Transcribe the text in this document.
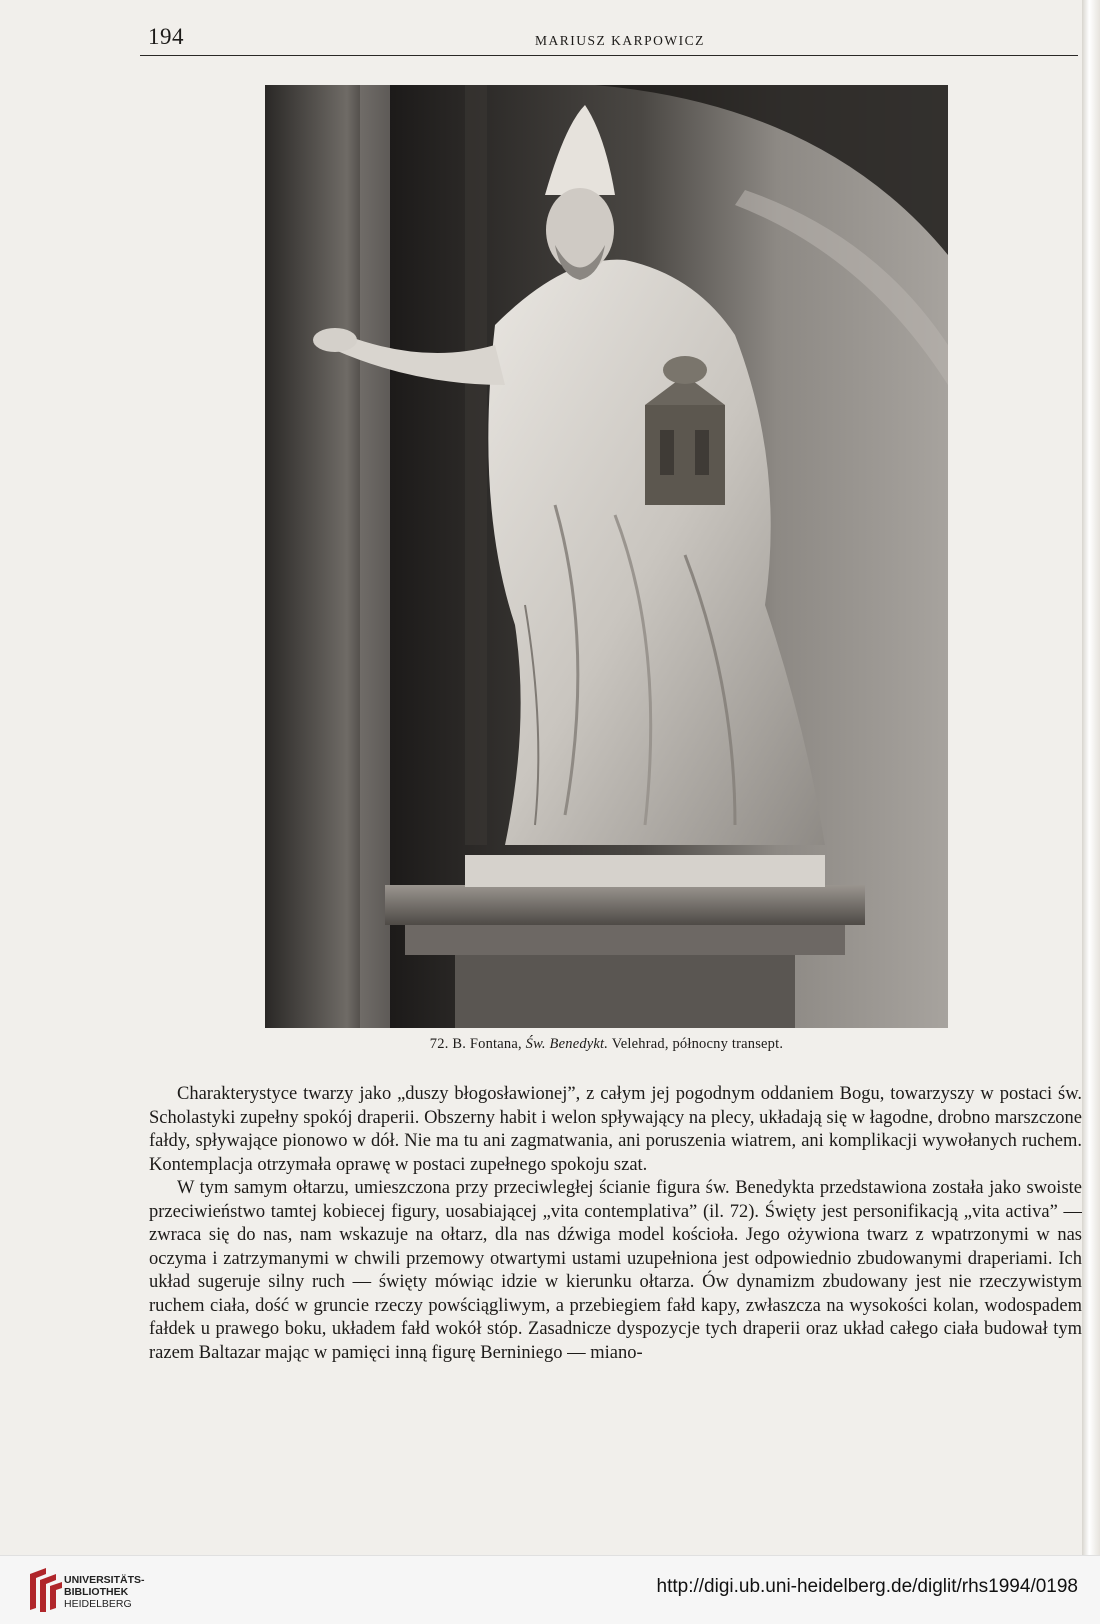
194	MARIUSZ KARPOWICZ
72. B. Fontana, Św. Benedykt. Velehrad, północny transept.

Charakterystyce twarzy jako „duszy błogosławionej”, z całym jej pogodnym oddaniem Bogu, towarzyszy w postaci św. Scholastyki zupełny spokój draperii. Obszerny habit i welon spływający na plecy, układają się w łagodne, drobno marszczone fałdy, spływające pionowo w dół. Nie ma tu ani zagmatwania, ani poruszenia wiatrem, ani komplikacji wywołanych ruchem. Kontemplacja otrzymała oprawę w postaci zupełnego spokoju szat.

W tym samym ołtarzu, umieszczona przy przeciwległej ścianie figura św. Benedykta przedstawiona została jako swoiste przeciwieństwo tamtej kobiecej figury, uosabiającej „vita contemplativa” (il. 72). Święty jest personifikacją „vita activa” — zwraca się do nas, nam wskazuje na ołtarz, dla nas dźwiga model kościoła. Jego ożywiona twarz z wpatrzonymi w nas oczyma i zatrzymanymi w chwili przemowy otwartymi ustami uzupełniona jest odpowiednio zbudowanymi draperiami. Ich układ sugeruje silny ruch — święty mówiąc idzie w kierunku ołtarza. Ów dynamizm zbudowany jest nie rzeczywistym ruchem ciała, dość w gruncie rzeczy powściągliwym, a przebiegiem fałd kapy, zwłaszcza na wysokości kolan, wodospadem fałdek u prawego boku, układem fałd wokół stóp. Zasadnicze dyspozycje tych draperii oraz układ całego ciała budował tym razem Baltazar mając w pamięci inną figurę Berniniego — miano-

UNIVERSITÄTS-
BIBLIOTHEK
HEIDELBERG
http://digi.ub.uni-heidelberg.de/diglit/rhs1994/0198
